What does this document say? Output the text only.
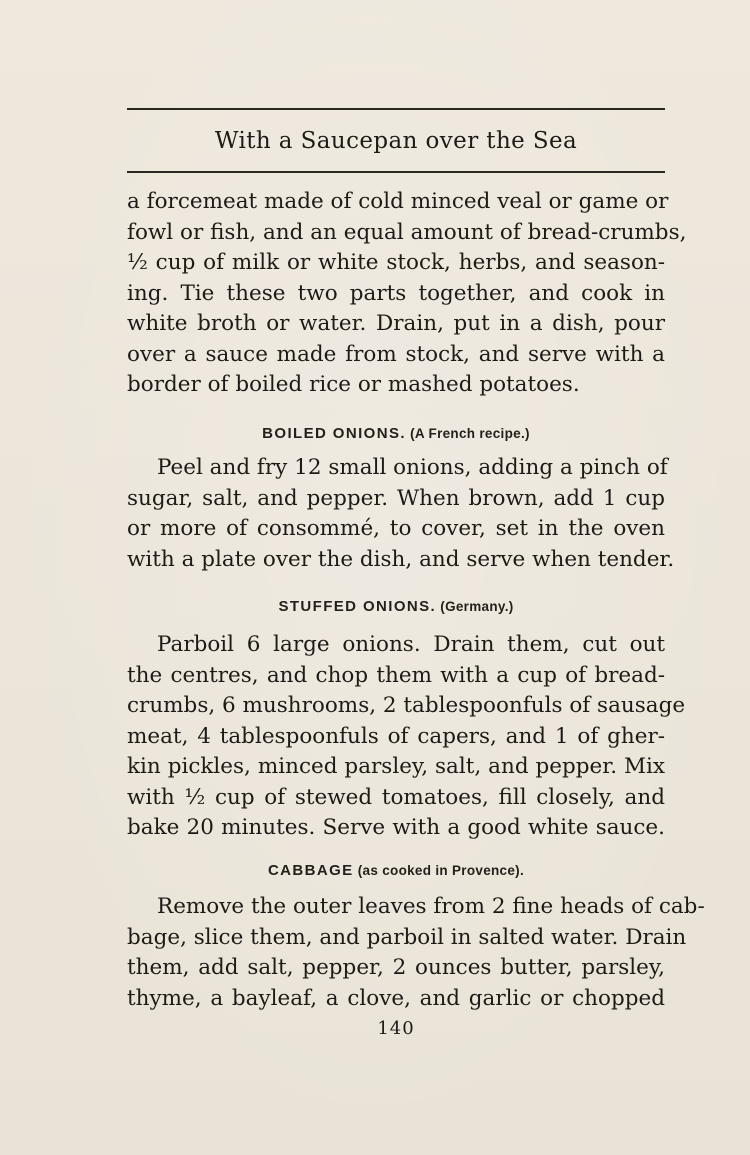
With a Saucepan over the Sea
a forcemeat made of cold minced veal or game or
fowl or fish, and an equal amount of bread-crumbs,
½ cup of milk or white stock, herbs, and season-
ing. Tie these two parts together, and cook in
white broth or water. Drain, put in a dish, pour
over a sauce made from stock, and serve with a
border of boiled rice or mashed potatoes.
BOILED ONIONS. (A French recipe.)
Peel and fry 12 small onions, adding a pinch of
sugar, salt, and pepper. When brown, add 1 cup
or more of consommé, to cover, set in the oven
with a plate over the dish, and serve when tender.
STUFFED ONIONS. (Germany.)
Parboil 6 large onions. Drain them, cut out
the centres, and chop them with a cup of bread-
crumbs, 6 mushrooms, 2 tablespoonfuls of sausage
meat, 4 tablespoonfuls of capers, and 1 of gher-
kin pickles, minced parsley, salt, and pepper. Mix
with ½ cup of stewed tomatoes, fill closely, and
bake 20 minutes. Serve with a good white sauce.
CABBAGE (as cooked in Provence).
Remove the outer leaves from 2 fine heads of cab-
bage, slice them, and parboil in salted water. Drain
them, add salt, pepper, 2 ounces butter, parsley,
thyme, a bayleaf, a clove, and garlic or chopped
140
